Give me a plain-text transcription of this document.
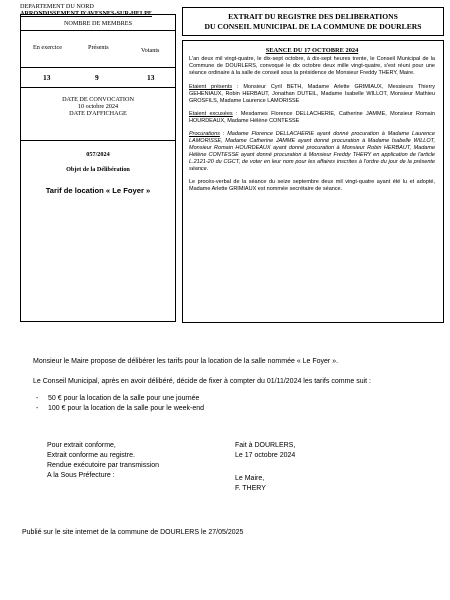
DEPARTEMENT DU NORD
ARRONDISSEMENT D'AVESNES-SUR-HELPE
NOMBRE DE MEMBRES
En exercice	Présents	Votants
13	9	13
DATE DE CONVOCATION
10 octobre 2024
DATE D'AFFICHAGE
057/2024
Objet de la Délibération
Tarif de location « Le Foyer »
EXTRAIT DU REGISTRE DES DELIBERATIONS
DU CONSEIL MUNICIPAL DE LA COMMUNE DE DOURLERS
SEANCE DU 17 OCTOBRE 2024

L'an deux mil vingt-quatre, le dix-sept octobre, à dix-sept heures trente, le Conseil Municipal de la Commune de DOURLERS, convoqué le dix octobre deux mille vingt-quatre, s'est réuni pour une séance ordinaire à la salle de conseil sous la présidence de Monsieur Freddy THERY, Maire.

Etaient présents : Monsieur Cyril BETH, Madame Arlette GRIMIAUX, Messieurs Thierry GEHENIAUX, Robin HERBAUT, Jonathan DUTEIL, Madame Isabelle WILLOT, Monsieur Mathieu GROSFILS, Madame Laurence LAMORISSE

Etaient excusées : Mesdames Florence DELLACHERIE, Catherine JAMME, Monsieur Romain HOURDEAUX, Madame Hélène CONTESSE

Procurations : Madame Florence DELLACHERIE ayant donné procuration à Madame Laurence LAMORISSE, Madame Catherine JAMME ayant donné procuration à Madame Isabelle WILLOT, Monsieur Romain HOURDEAUX ayant donné procuration à Monsieur Robin HERBAUT, Madame Hélène CONTESSE ayant donné procuration à Monsieur Freddy THERY en application de l'article L.2121-20 du CGCT, de voter en leur nom pour les affaires inscrites à l'ordre du jour de la présente séance.

Le procès-verbal de la séance du seize septembre deux mil vingt-quatre ayant été lu et adopté, Madame Arlette GRIMIAUX est nommée secrétaire de séance.

Monsieur le Maire propose de délibérer les tarifs pour la location de la salle nommée « Le Foyer ».
Le Conseil Municipal, après en avoir délibéré, décide de fixer à compter du 01/11/2024 les tarifs comme suit :
- 50 € pour la location de la salle pour une journée
- 100 € pour la location de la salle pour le week-end
Pour extrait conforme,
Extrait conforme au registre.
Rendue exécutoire par transmission
A la Sous Préfecture :
Fait à DOURLERS,
Le 17 octobre 2024
Le Maire,
F. THERY
Publié sur le site internet de la commune de DOURLERS le 27/05/2025
